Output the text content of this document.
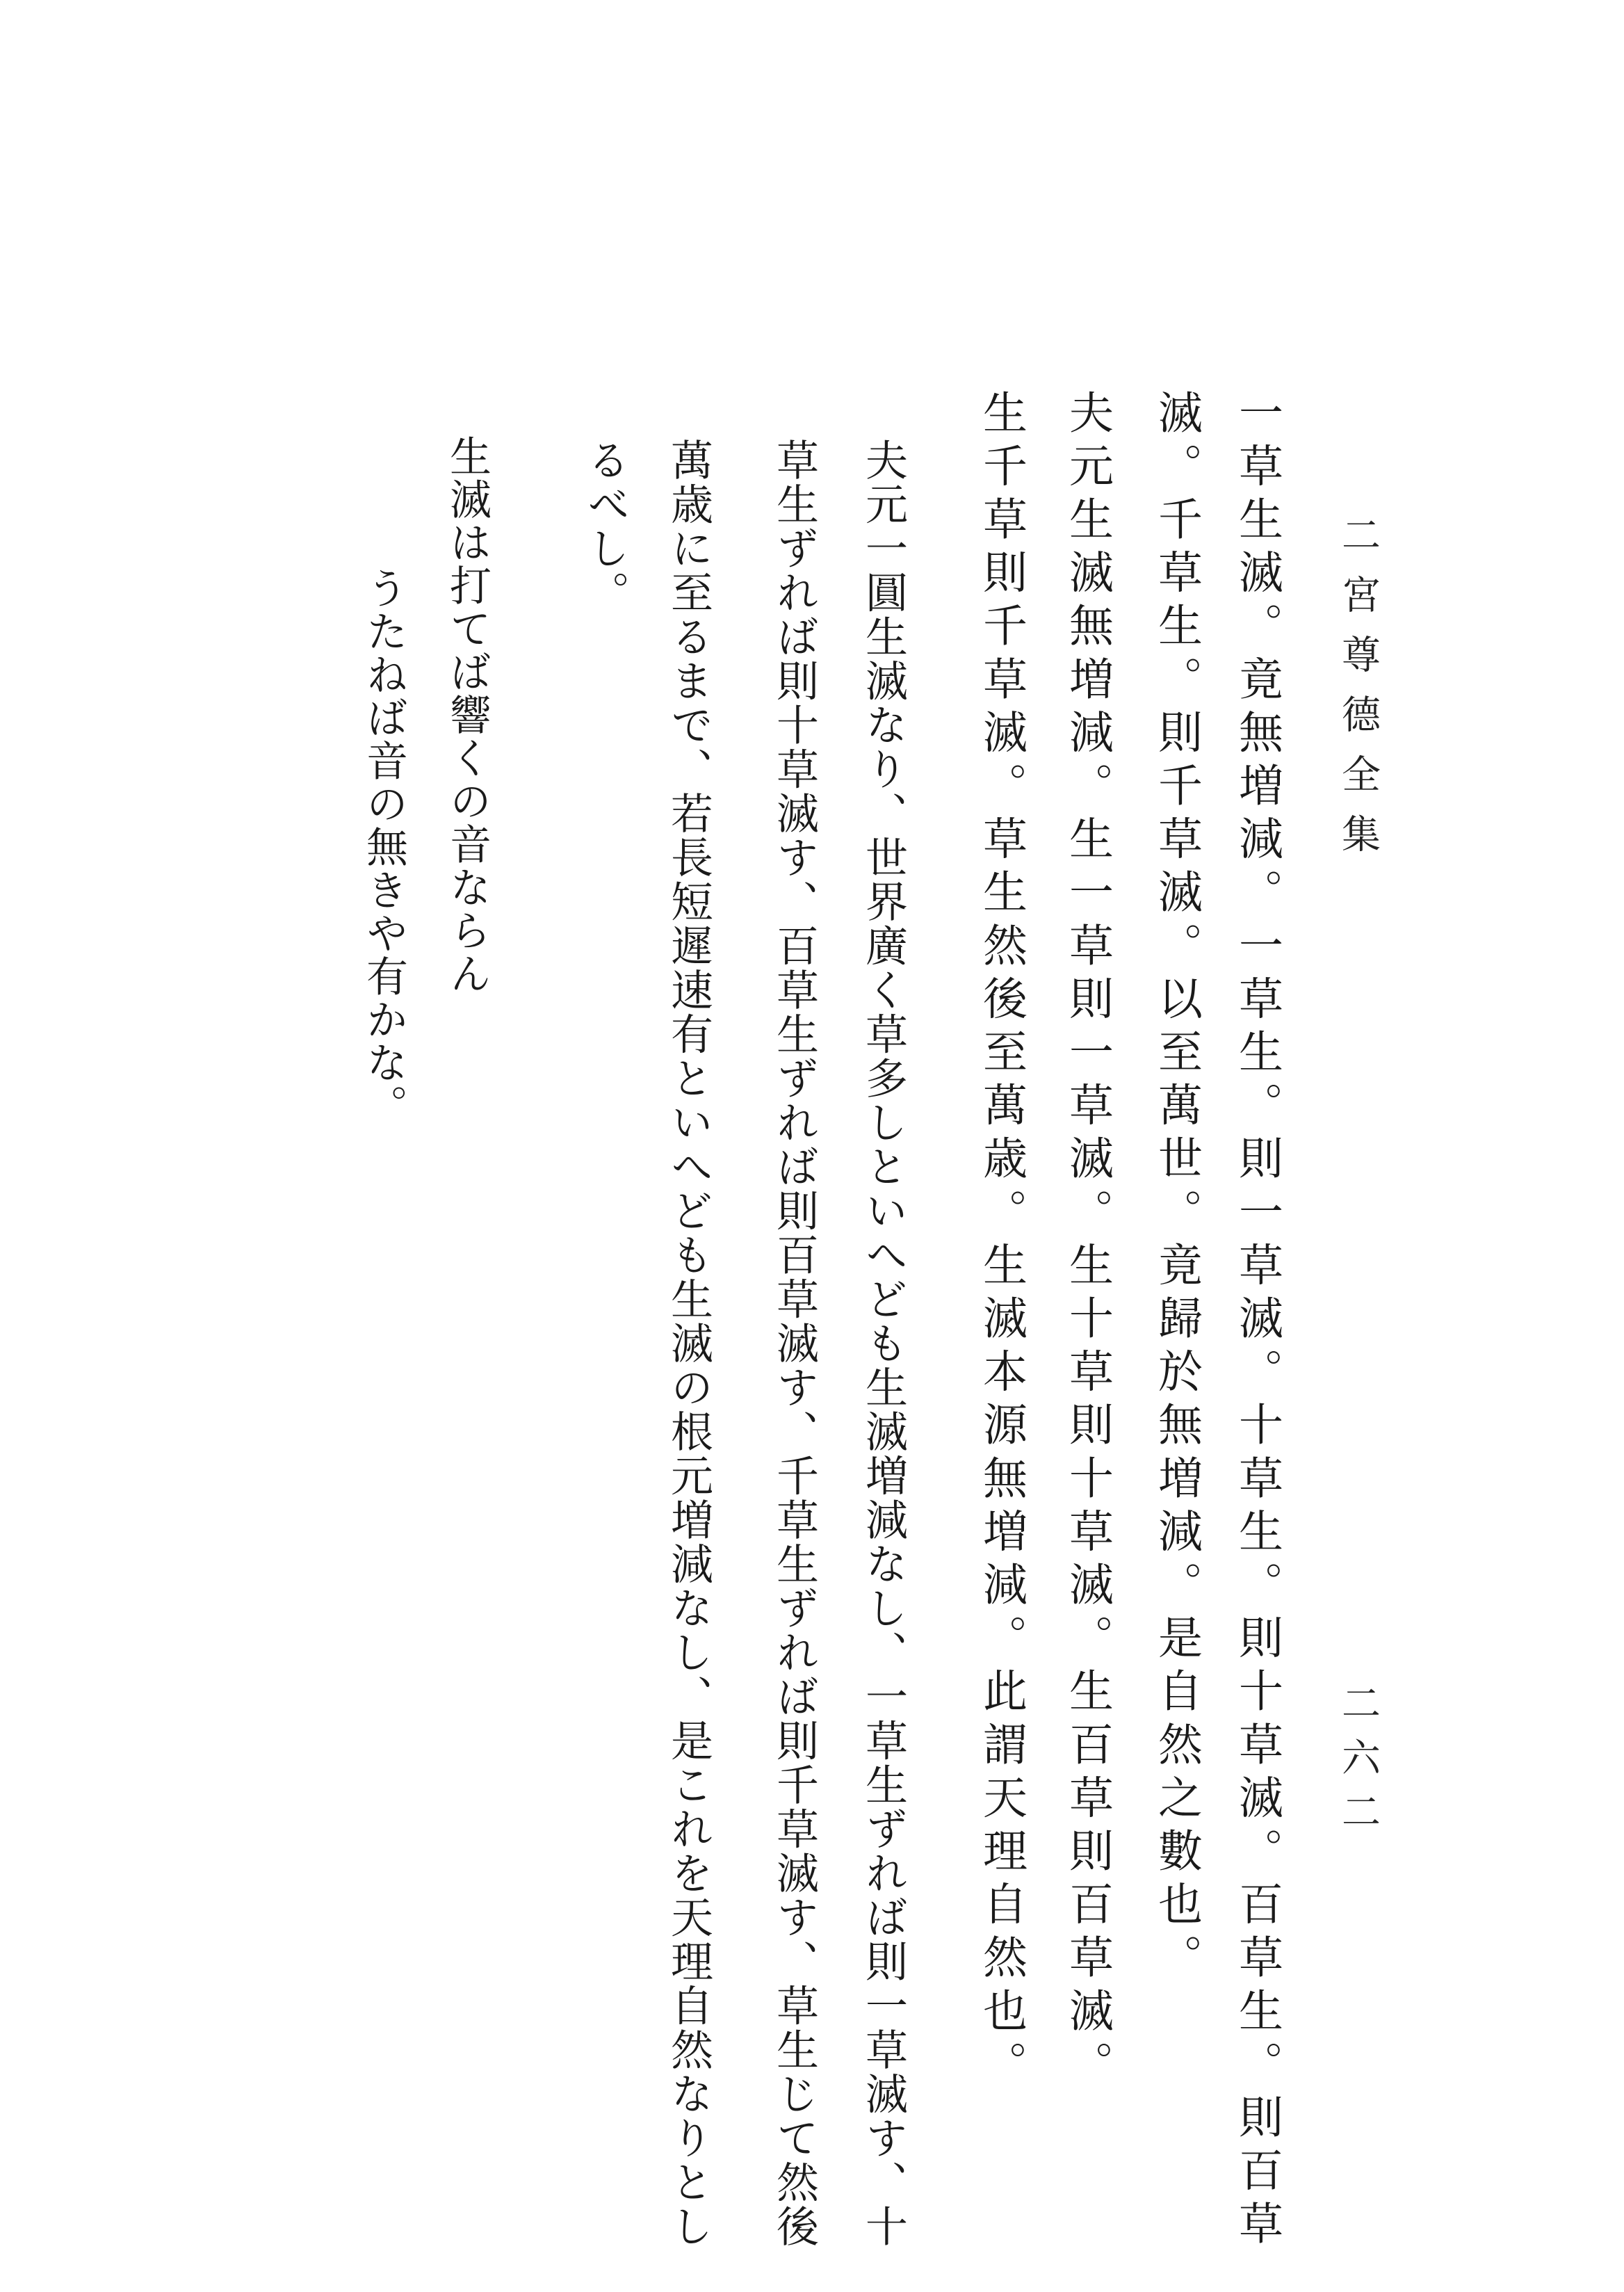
二宮尊德全集
二六二
一草生滅。竟無増減。一草生。則一草滅。十草生。則十草滅。百草生。則百草
滅。千草生。則千草滅。以至萬世。竟歸於無増減。是自然之數也。
夫元生滅無増減。生一草則一草滅。生十草則十草滅。生百草則百草滅。
生千草則千草滅。草生然後至萬歳。生滅本源無増減。此謂天理自然也。
夫元一圓生滅なり、世界廣く草多しといへども生滅増減なし、一草生ずれば則一草滅す、十
草生ずれば則十草滅す、百草生ずれば則百草滅す、千草生ずれば則千草滅す、草生じて然後
萬歳に至るまで、若長短遲速有といへども生滅の根元増減なし、是これを天理自然なりとし
るべし。
生滅は打てば響くの音ならん
うたねば音の無きや有かな。
